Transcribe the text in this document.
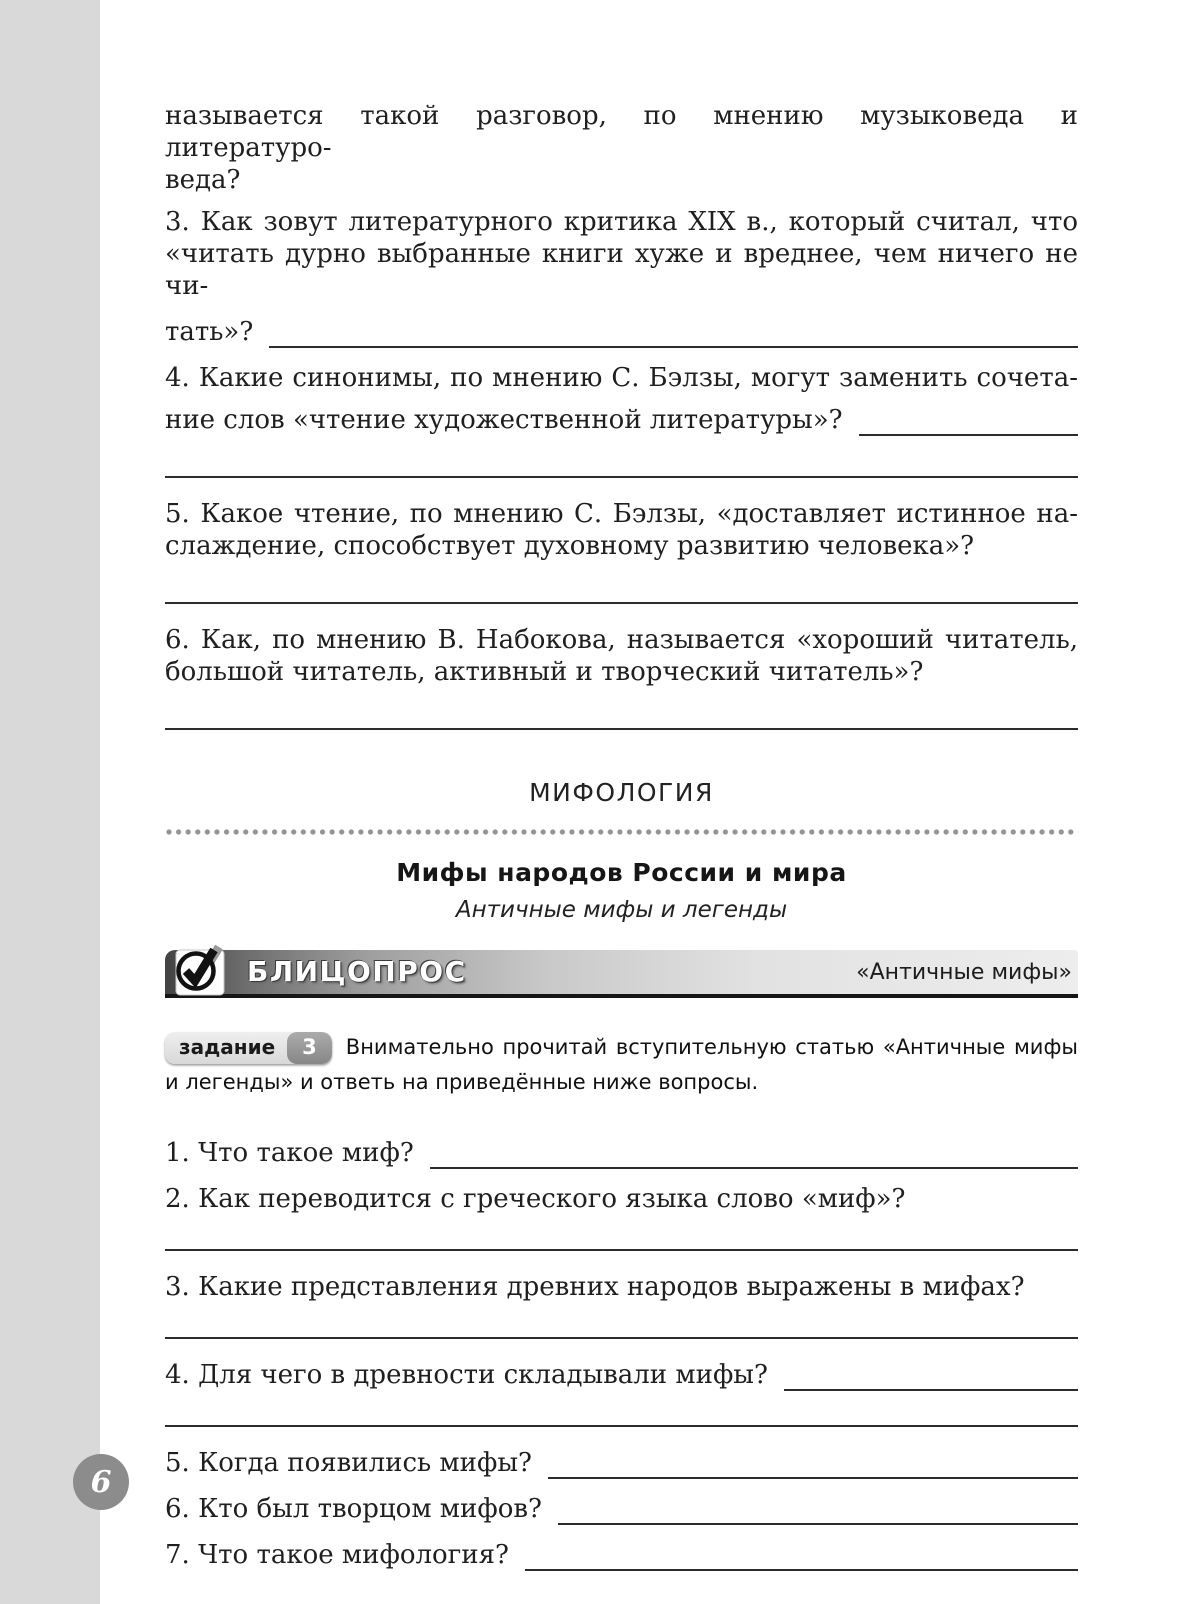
6
называется такой разговор, по мнению музыковеда и литературо-
веда?
3. Как зовут литературного критика XIX в., который считал, что
«читать дурно выбранные книги хуже и вреднее, чем ничего не чи-
тать»?
4. Какие синонимы, по мнению С. Бэлзы, могут заменить сочета-
ние слов «чтение художественной литературы»?
5. Какое чтение, по мнению С. Бэлзы, «доставляет истинное на-
слаждение, способствует духовному развитию человека»?
6. Как, по мнению В. Набокова, называется «хороший читатель,
большой читатель, активный и творческий читатель»?
МИФОЛОГИЯ
Мифы народов России и мира
Античные мифы и легенды
БЛИЦОПРОС	«Античные мифы»

задание	3	Внимательно прочитай вступительную статью «Античные мифы и легенды» и ответь на приведённые ниже вопросы.

1. Что такое миф?
2. Как переводится с греческого языка слово «миф»?
3. Какие представления древних народов выражены в мифах?
4. Для чего в древности складывали мифы?
5. Когда появились мифы?
6. Кто был творцом мифов?
7. Что такое мифология?
